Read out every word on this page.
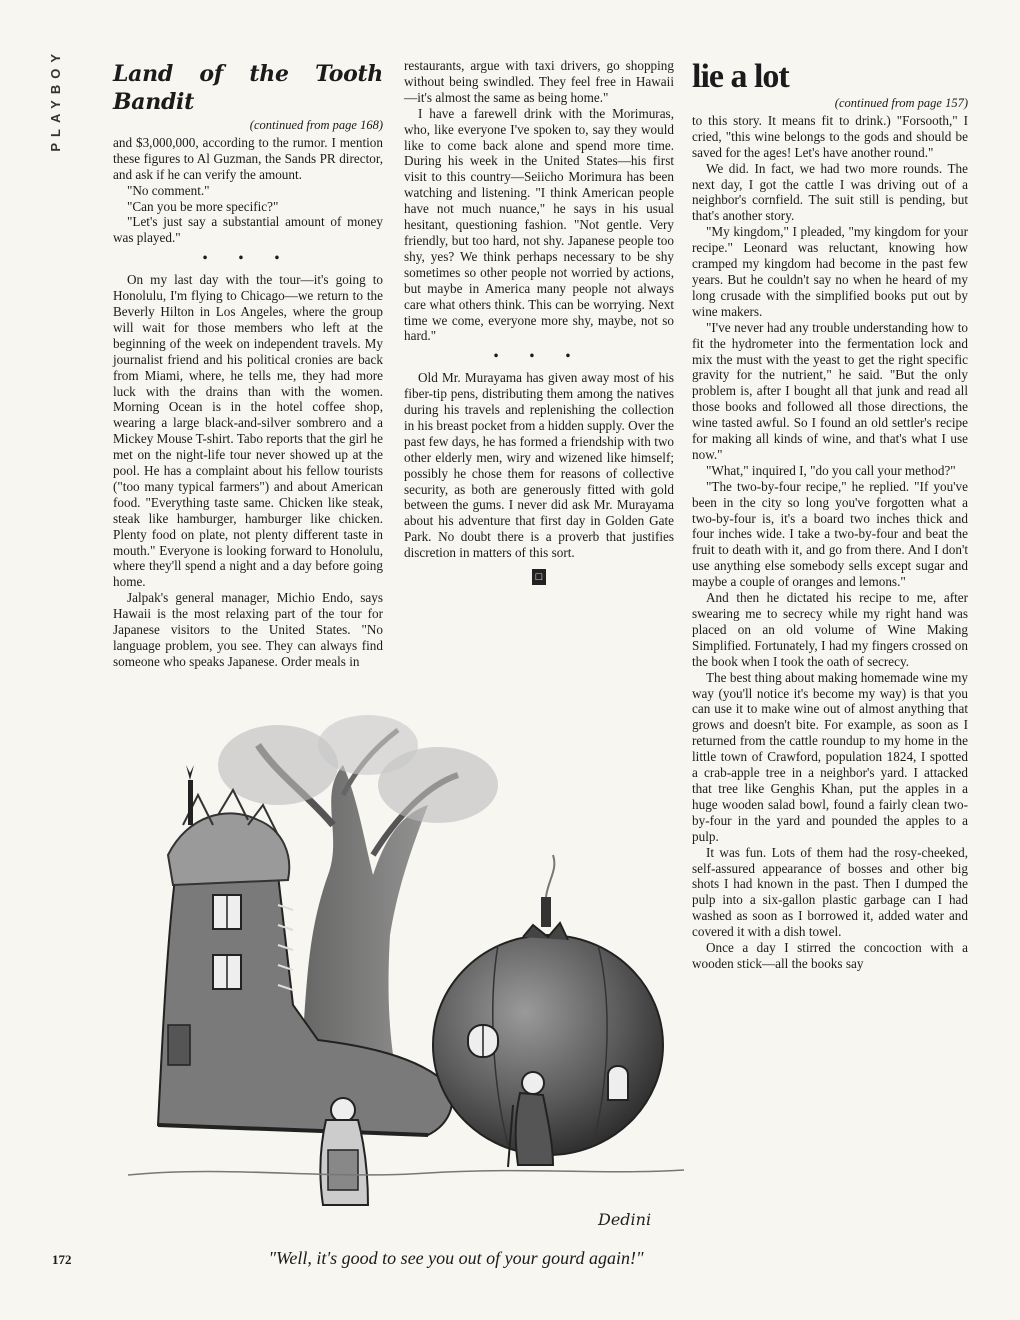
PLAYBOY	Land of the Tooth Bandit
(continued from page 168)

and $3,000,000, according to the rumor. I mention these figures to Al Guzman, the Sands PR director, and ask if he can verify the amount.

"No comment."

"Can you be more specific?"

"Let's just say a substantial amount of money was played."

• • •

On my last day with the tour—it's going to Honolulu, I'm flying to Chicago—we return to the Beverly Hilton in Los Angeles, where the group will wait for those members who left at the beginning of the week on independent travels. My journalist friend and his political cronies are back from Miami, where, he tells me, they had more luck with the drains than with the women. Morning Ocean is in the hotel coffee shop, wearing a large black-and-silver sombrero and a Mickey Mouse T-shirt. Tabo reports that the girl he met on the night-life tour never showed up at the pool. He has a complaint about his fellow tourists ("too many typical farmers") and about American food. "Everything taste same. Chicken like steak, steak like hamburger, hamburger like chicken. Plenty food on plate, not plenty different taste in mouth." Everyone is looking forward to Honolulu, where they'll spend a night and a day before going home.

Jalpak's general manager, Michio Endo, says Hawaii is the most relaxing part of the tour for Japanese visitors to the United States. "No language problem, you see. They can always find someone who speaks Japanese. Order meals in

restaurants, argue with taxi drivers, go shopping without being swindled. They feel free in Hawaii—it's almost the same as being home."

I have a farewell drink with the Morimuras, who, like everyone I've spoken to, say they would like to come back alone and spend more time. During his week in the United States—his first visit to this country—Seiicho Morimura has been watching and listening. "I think American people have not much nuance," he says in his usual hesitant, questioning fashion. "Not gentle. Very friendly, but too hard, not shy. Japanese people too shy, yes? We think perhaps necessary to be shy sometimes so other people not worried by actions, but maybe in America many people not always care what others think. This can be worrying. Next time we come, everyone more shy, maybe, not so hard."

• • •

Old Mr. Murayama has given away most of his fiber-tip pens, distributing them among the natives during his travels and replenishing the collection in his breast pocket from a hidden supply. Over the past few days, he has formed a friendship with two other elderly men, wiry and wizened like himself; possibly he chose them for reasons of collective security, as both are generously fitted with gold between the gums. I never did ask Mr. Murayama about his adventure that first day in Golden Gate Park. No doubt there is a proverb that justifies discretion in matters of this sort.

□
lie a lot
(continued from page 157)

to this story. It means fit to drink.) "Forsooth," I cried, "this wine belongs to the gods and should be saved for the ages! Let's have another round."

We did. In fact, we had two more rounds. The next day, I got the cattle I was driving out of a neighbor's cornfield. The suit still is pending, but that's another story.

"My kingdom," I pleaded, "my kingdom for your recipe." Leonard was reluctant, knowing how cramped my kingdom had become in the past few years. But he couldn't say no when he heard of my long crusade with the simplified books put out by wine makers.

"I've never had any trouble understanding how to fit the hydrometer into the fermentation lock and mix the must with the yeast to get the right specific gravity for the nutrient," he said. "But the only problem is, after I bought all that junk and read all those books and followed all those directions, the wine tasted awful. So I found an old settler's recipe for making all kinds of wine, and that's what I use now."

"What," inquired I, "do you call your method?"

"The two-by-four recipe," he replied. "If you've been in the city so long you've forgotten what a two-by-four is, it's a board two inches thick and four inches wide. I take a two-by-four and beat the fruit to death with it, and go from there. And I don't use anything else somebody sells except sugar and maybe a couple of oranges and lemons."

And then he dictated his recipe to me, after swearing me to secrecy while my right hand was placed on an old volume of Wine Making Simplified. Fortunately, I had my fingers crossed on the book when I took the oath of secrecy.

The best thing about making homemade wine my way (you'll notice it's become my way) is that you can use it to make wine out of almost anything that grows and doesn't bite. For example, as soon as I returned from the cattle roundup to my home in the little town of Crawford, population 1824, I spotted a crab-apple tree in a neighbor's yard. I attacked that tree like Genghis Khan, put the apples in a huge wooden salad bowl, found a fairly clean two-by-four in the yard and pounded the apples to a pulp.

It was fun. Lots of them had the rosy-cheeked, self-assured appearance of bosses and other big shots I had known in the past. Then I dumped the pulp into a six-gallon plastic garbage can I had washed as soon as I borrowed it, added water and covered it with a dish towel.

Once a day I stirred the concoction with a wooden stick—all the books say

Dedini
"Well, it's good to see you out of your gourd again!"
172
